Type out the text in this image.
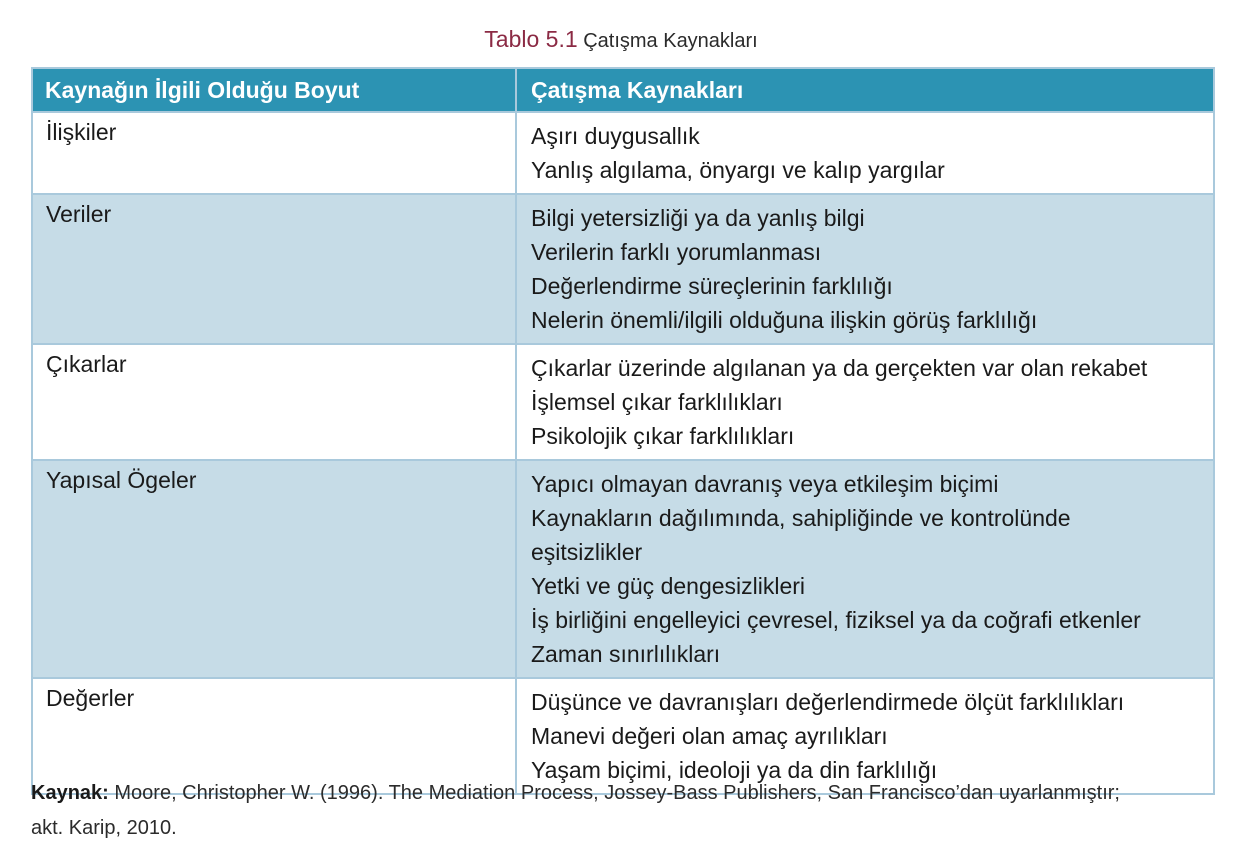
Tablo 5.1 Çatışma Kaynakları
Kaynağın İlgili Olduğu Boyut	Çatışma Kaynakları
İlişkiler	Aşırı duygusallık
Yanlış algılama, önyargı ve kalıp yargılar
Veriler	Bilgi yetersizliği ya da yanlış bilgi
Verilerin farklı yorumlanması
Değerlendirme süreçlerinin farklılığı
Nelerin önemli/ilgili olduğuna ilişkin görüş farklılığı
Çıkarlar	Çıkarlar üzerinde algılanan ya da gerçekten var olan rekabet
İşlemsel çıkar farklılıkları
Psikolojik çıkar farklılıkları
Yapısal Ögeler	Yapıcı olmayan davranış veya etkileşim biçimi
Kaynakların dağılımında, sahipliğinde ve kontrolünde
eşitsizlikler
Yetki ve güç dengesizlikleri
İş birliğini engelleyici çevresel, fiziksel ya da coğrafi etkenler
Zaman sınırlılıkları
Değerler	Düşünce ve davranışları değerlendirmede ölçüt farklılıkları
Manevi değeri olan amaç ayrılıkları
Yaşam biçimi, ideoloji ya da din farklılığı
Kaynak: Moore, Christopher W. (1996). The Mediation Process, Jossey-Bass Publishers, San Francisco’dan uyarlanmıştır;
akt. Karip, 2010.
